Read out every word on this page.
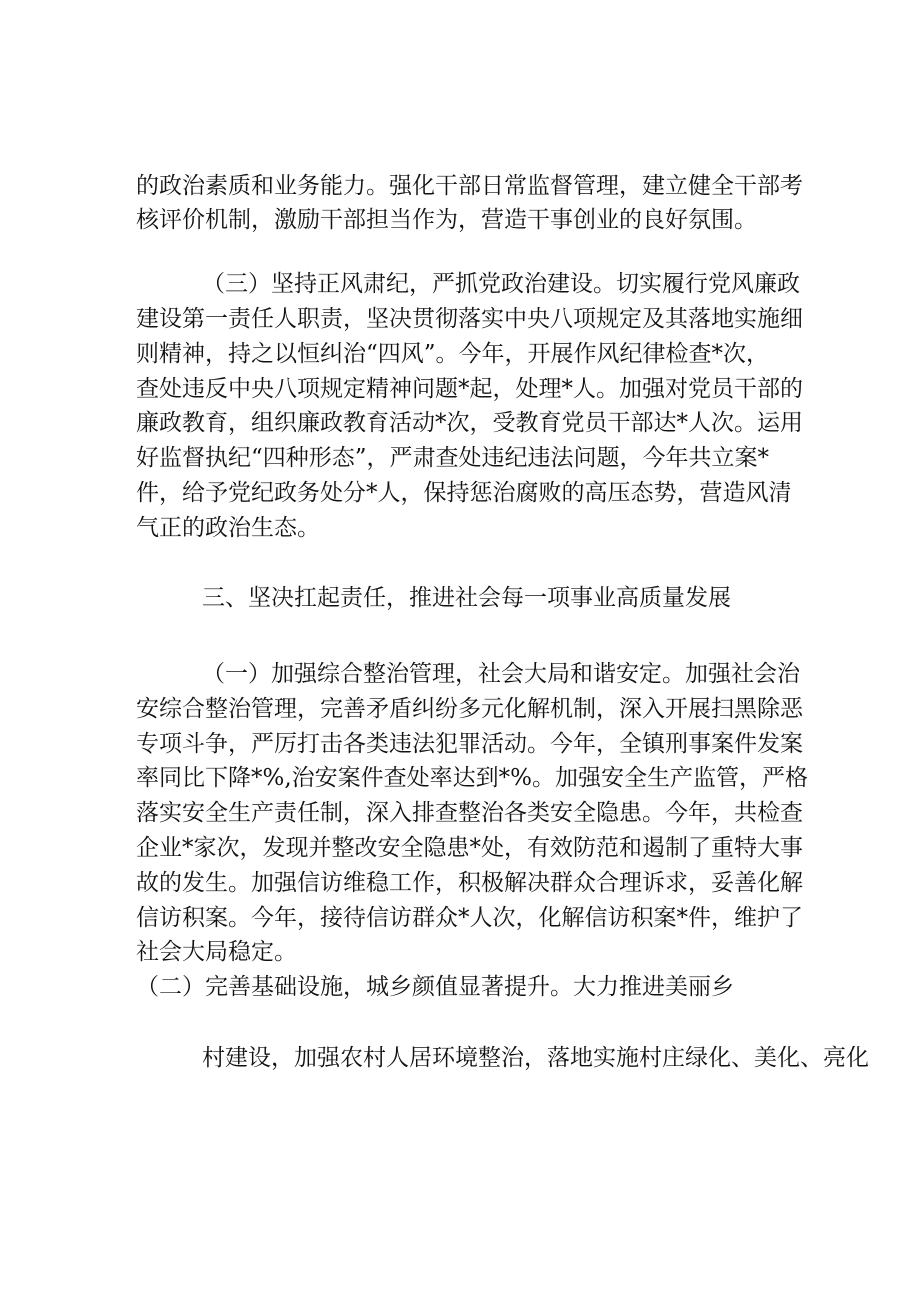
的政治素质和业务能力。强化干部日常监督管理，建立健全干部考
核评价机制，激励干部担当作为，营造干事创业的良好氛围。
（三）坚持正风肃纪，严抓党政治建设。切实履行党风廉政
建设第一责任人职责，坚决贯彻落实中央八项规定及其落地实施细
则精神，持之以恒纠治“四风”。今年，开展作风纪律检查*次，
查处违反中央八项规定精神问题*起，处理*人。加强对党员干部的
廉政教育，组织廉政教育活动*次，受教育党员干部达*人次。运用
好监督执纪“四种形态”，严肃查处违纪违法问题，今年共立案*
件，给予党纪政务处分*人，保持惩治腐败的高压态势，营造风清
气正的政治生态。
三、坚决扛起责任，推进社会每一项事业高质量发展
（一）加强综合整治管理，社会大局和谐安定。加强社会治
安综合整治管理，完善矛盾纠纷多元化解机制，深入开展扫黑除恶
专项斗争，严厉打击各类违法犯罪活动。今年，全镇刑事案件发案
率同比下降*%,治安案件查处率达到*%。加强安全生产监管，严格
落实安全生产责任制，深入排查整治各类安全隐患。今年，共检查
企业*家次，发现并整改安全隐患*处，有效防范和遏制了重特大事
故的发生。加强信访维稳工作，积极解决群众合理诉求，妥善化解
信访积案。今年，接待信访群众*人次，化解信访积案*件，维护了
社会大局稳定。
（二）完善基础设施，城乡颜值显著提升。大力推进美丽乡
村建设，加强农村人居环境整治，落地实施村庄绿化、美化、亮化
